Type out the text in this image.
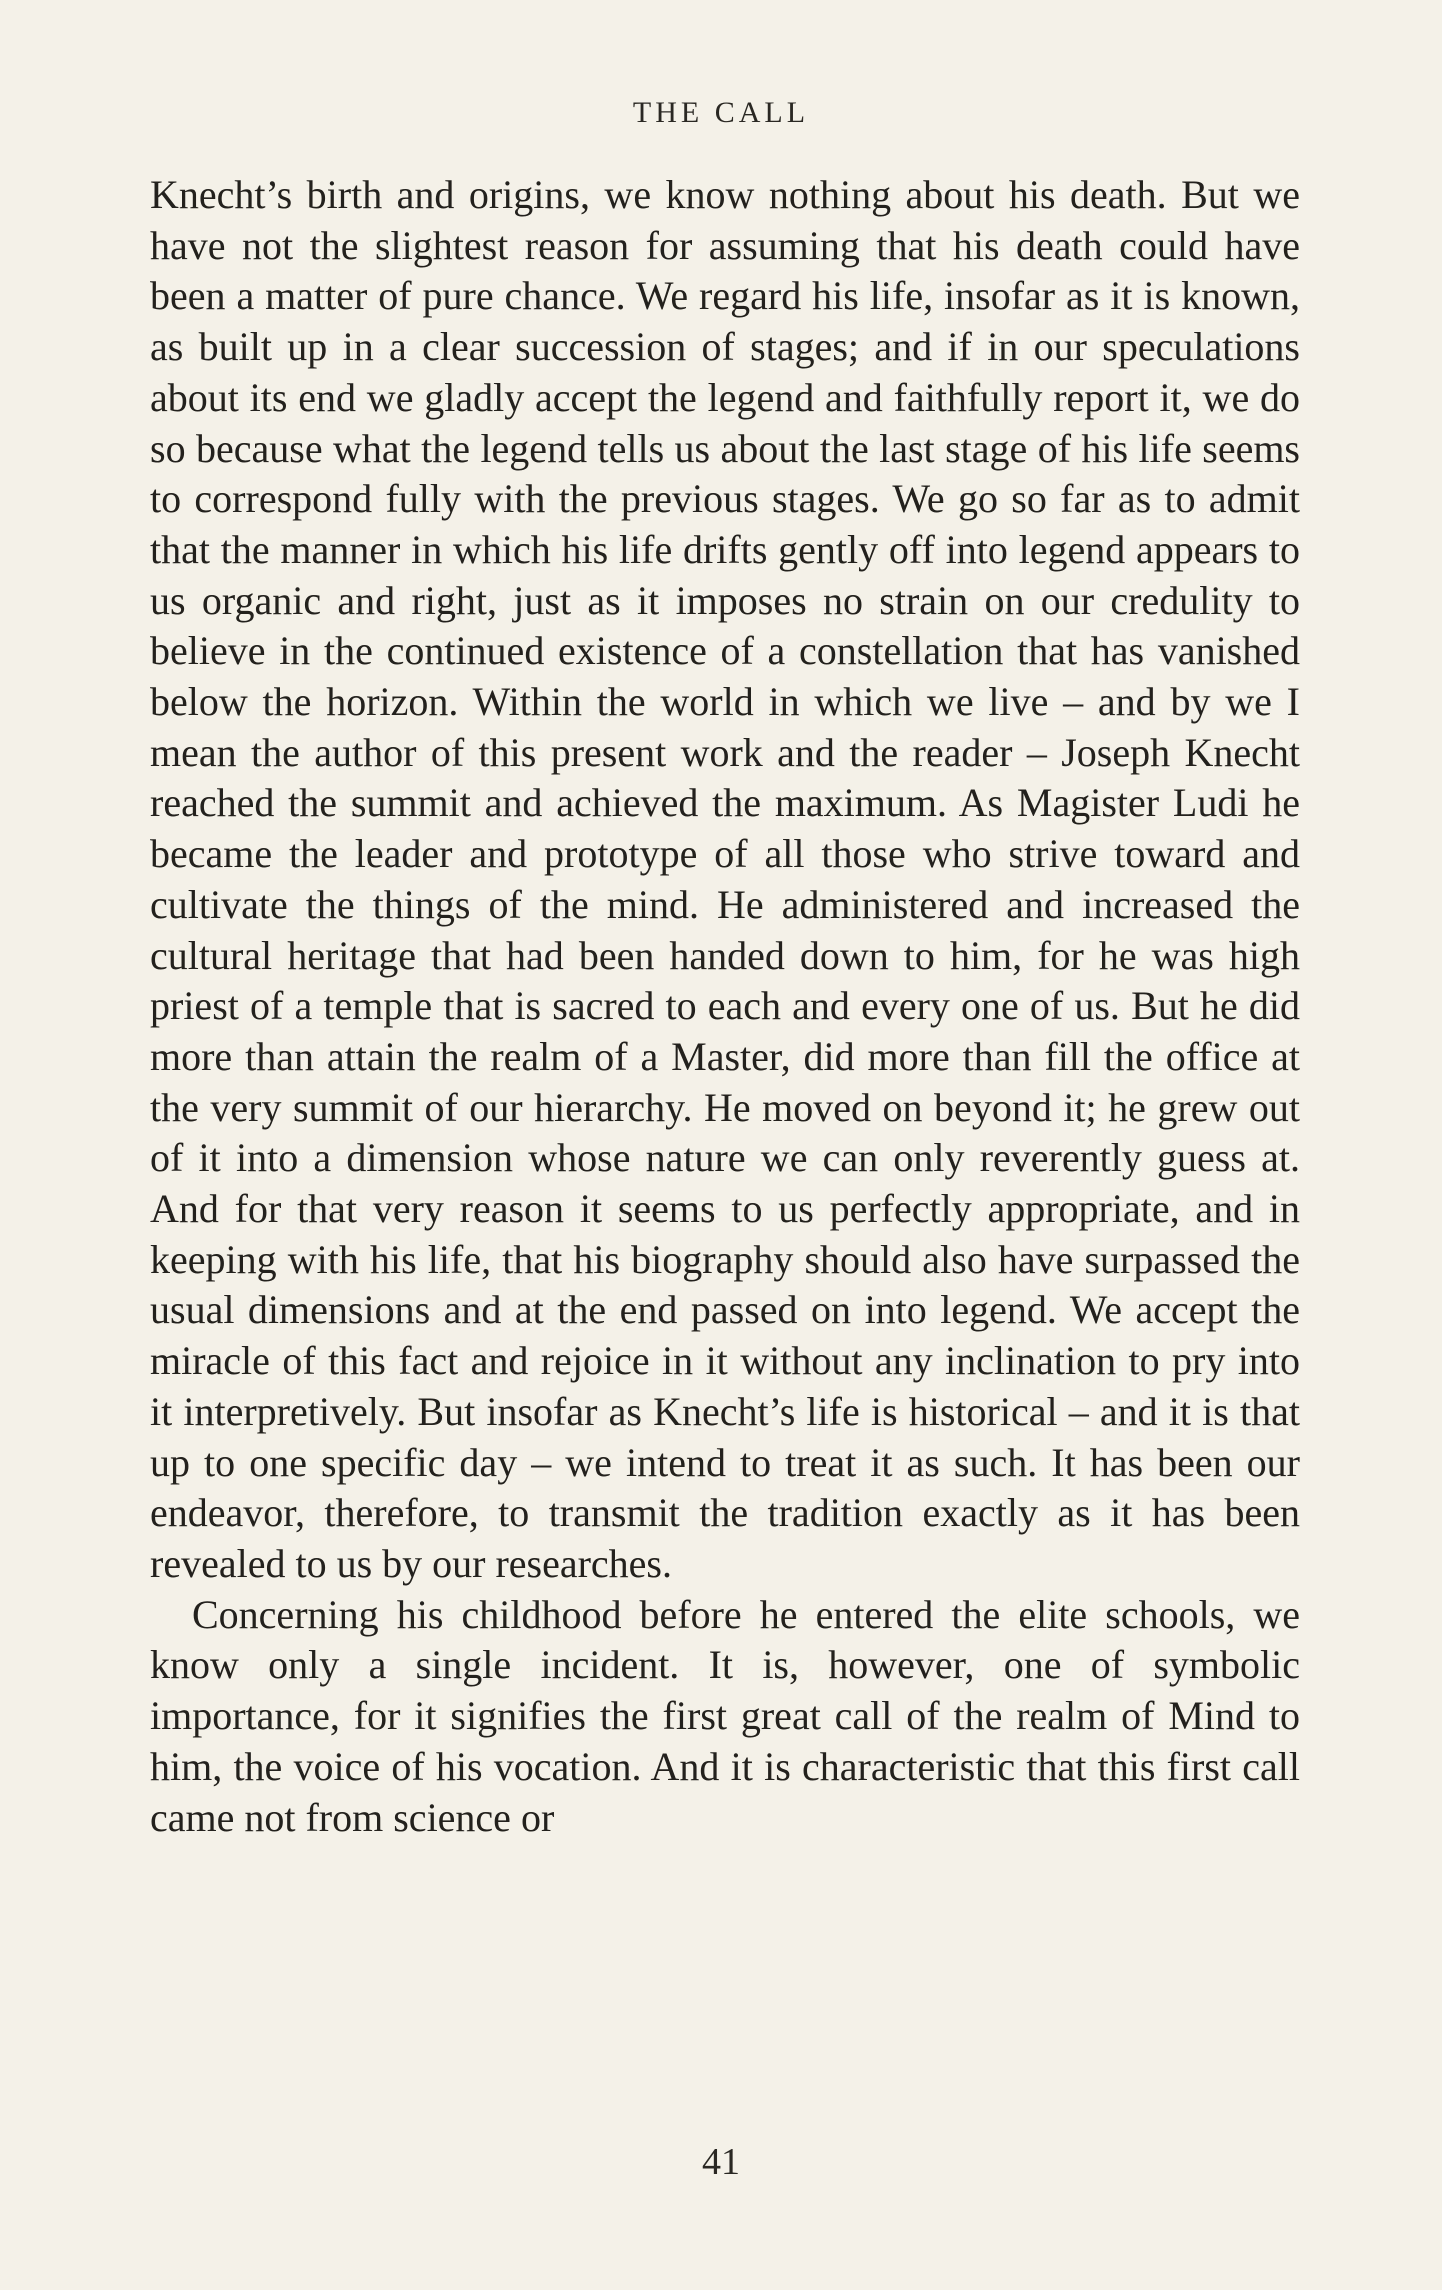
THE CALL

Knecht’s birth and origins, we know nothing about his death. But we have not the slightest reason for assuming that his death could have been a matter of pure chance. We regard his life, insofar as it is known, as built up in a clear succession of stages; and if in our speculations about its end we gladly accept the legend and faithfully report it, we do so because what the legend tells us about the last stage of his life seems to correspond fully with the previous stages. We go so far as to admit that the manner in which his life drifts gently off into legend appears to us organic and right, just as it imposes no strain on our credulity to believe in the continued existence of a constellation that has vanished below the horizon. Within the world in which we live – and by we I mean the author of this present work and the reader – Joseph Knecht reached the summit and achieved the maximum. As Magister Ludi he became the leader and prototype of all those who strive toward and cultivate the things of the mind. He administered and increased the cultural heritage that had been handed down to him, for he was high priest of a temple that is sacred to each and every one of us. But he did more than attain the realm of a Master, did more than fill the office at the very summit of our hierarchy. He moved on beyond it; he grew out of it into a dimension whose nature we can only reverently guess at. And for that very reason it seems to us perfectly appropriate, and in keeping with his life, that his biography should also have surpassed the usual dimensions and at the end passed on into legend. We accept the miracle of this fact and rejoice in it without any inclination to pry into it interpretively. But insofar as Knecht’s life is historical – and it is that up to one specific day – we intend to treat it as such. It has been our endeavor, therefore, to transmit the tradition exactly as it has been revealed to us by our researches.

Concerning his childhood before he entered the elite schools, we know only a single incident. It is, however, one of symbolic importance, for it signifies the first great call of the realm of Mind to him, the voice of his vocation. And it is characteristic that this first call came not from science or

41
